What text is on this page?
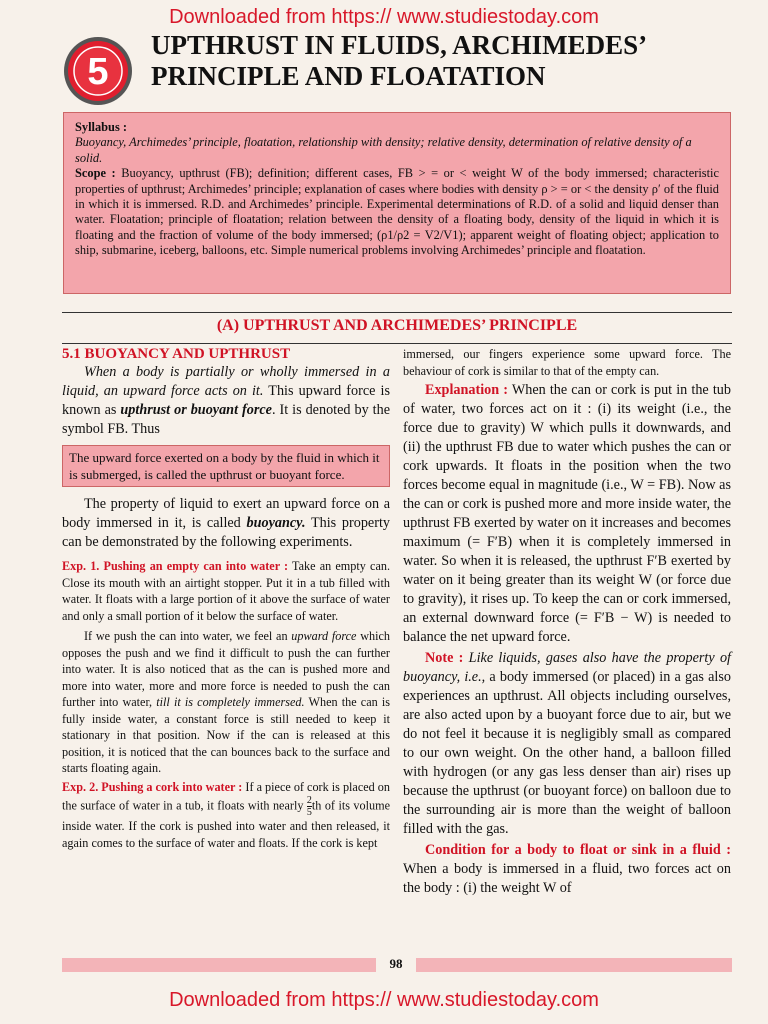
Downloaded from https:// www.studiestoday.com
5
UPTHRUST IN FLUIDS, ARCHIMEDES’
PRINCIPLE AND FLOATATION
Syllabus :
Buoyancy, Archimedes’ principle, floatation, relationship with density; relative density, determination of relative density of a solid.
Scope : Buoyancy, upthrust (FB); definition; different cases, FB > = or < weight W of the body immersed; characteristic properties of upthrust; Archimedes’ principle; explanation of cases where bodies with density ρ > = or < the density ρ′ of the fluid in which it is immersed. R.D. and Archimedes’ principle. Experimental determinations of R.D. of a solid and liquid denser than water. Floatation; principle of floatation; relation between the density of a floating body, density of the liquid in which it is floating and the fraction of volume of the body immersed; (ρ1/ρ2 = V2/V1); apparent weight of floating object; application to ship, submarine, iceberg, balloons, etc. Simple numerical problems involving Archimedes’ principle and floatation.
(A) UPTHRUST AND ARCHIMEDES’ PRINCIPLE

5.1 BUOYANCY AND UPTHRUST

When a body is partially or wholly immersed in a liquid, an upward force acts on it. This upward force is known as upthrust or buoyant force. It is denoted by the symbol FB. Thus

The upward force exerted on a body by the fluid in which it is submerged, is called the upthrust or buoyant force.

The property of liquid to exert an upward force on a body immersed in it, is called buoyancy. This property can be demonstrated by the following experiments.

Exp. 1. Pushing an empty can into water : Take an empty can. Close its mouth with an airtight stopper. Put it in a tub filled with water. It floats with a large portion of it above the surface of water and only a small portion of it below the surface of water.

If we push the can into water, we feel an upward force which opposes the push and we find it difficult to push the can further into water. It is also noticed that as the can is pushed more and more into water, more and more force is needed to push the can further into water, till it is completely immersed. When the can is fully inside water, a constant force is still needed to keep it stationary in that position. Now if the can is released at this position, it is noticed that the can bounces back to the surface and starts floating again.

Exp. 2. Pushing a cork into water : If a piece of cork is placed on the surface of water in a tub, it floats with nearly $\frac{2}{5}$ th of its volume inside water. If the cork is pushed into water and then released, it again comes to the surface of water and floats. If the cork is kept

immersed, our fingers experience some upward force. The behaviour of cork is similar to that of the empty can.

Explanation : When the can or cork is put in the tub of water, two forces act on it : (i) its weight (i.e., the force due to gravity) W which pulls it downwards, and (ii) the upthrust FB due to water which pushes the can or cork upwards. It floats in the position when the two forces become equal in magnitude (i.e., W = FB). Now as the can or cork is pushed more and more inside water, the upthrust FB exerted by water on it increases and becomes maximum (= F′B) when it is completely immersed in water. So when it is released, the upthrust F′B exerted by water on it being greater than its weight W (or force due to gravity), it rises up. To keep the can or cork immersed, an external downward force (= F′B − W) is needed to balance the net upward force.

Note : Like liquids, gases also have the property of buoyancy, i.e., a body immersed (or placed) in a gas also experiences an upthrust. All objects including ourselves, are also acted upon by a buoyant force due to air, but we do not feel it because it is negligibly small as compared to our own weight. On the other hand, a balloon filled with hydrogen (or any gas less denser than air) rises up because the upthrust (or buoyant force) on balloon due to the surrounding air is more than the weight of balloon filled with the gas.

Condition for a body to float or sink in a fluid : When a body is immersed in a fluid, two forces act on the body : (i) the weight W of

98
Downloaded from https:// www.studiestoday.com
